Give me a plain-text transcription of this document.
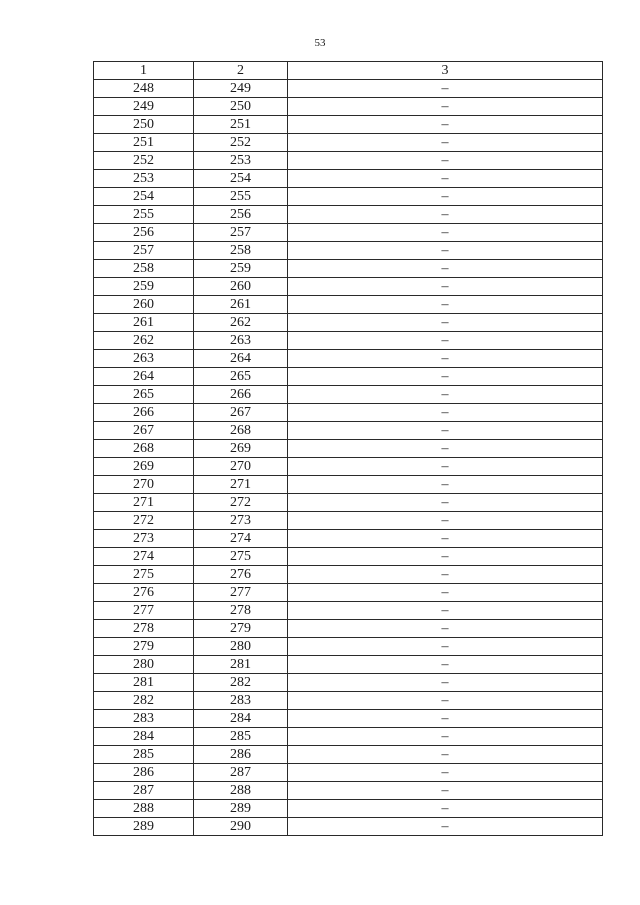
53
1	2	3
248	249	–
249	250	–
250	251	–
251	252	–
252	253	–
253	254	–
254	255	–
255	256	–
256	257	–
257	258	–
258	259	–
259	260	–
260	261	–
261	262	–
262	263	–
263	264	–
264	265	–
265	266	–
266	267	–
267	268	–
268	269	–
269	270	–
270	271	–
271	272	–
272	273	–
273	274	–
274	275	–
275	276	–
276	277	–
277	278	–
278	279	–
279	280	–
280	281	–
281	282	–
282	283	–
283	284	–
284	285	–
285	286	–
286	287	–
287	288	–
288	289	–
289	290	–
